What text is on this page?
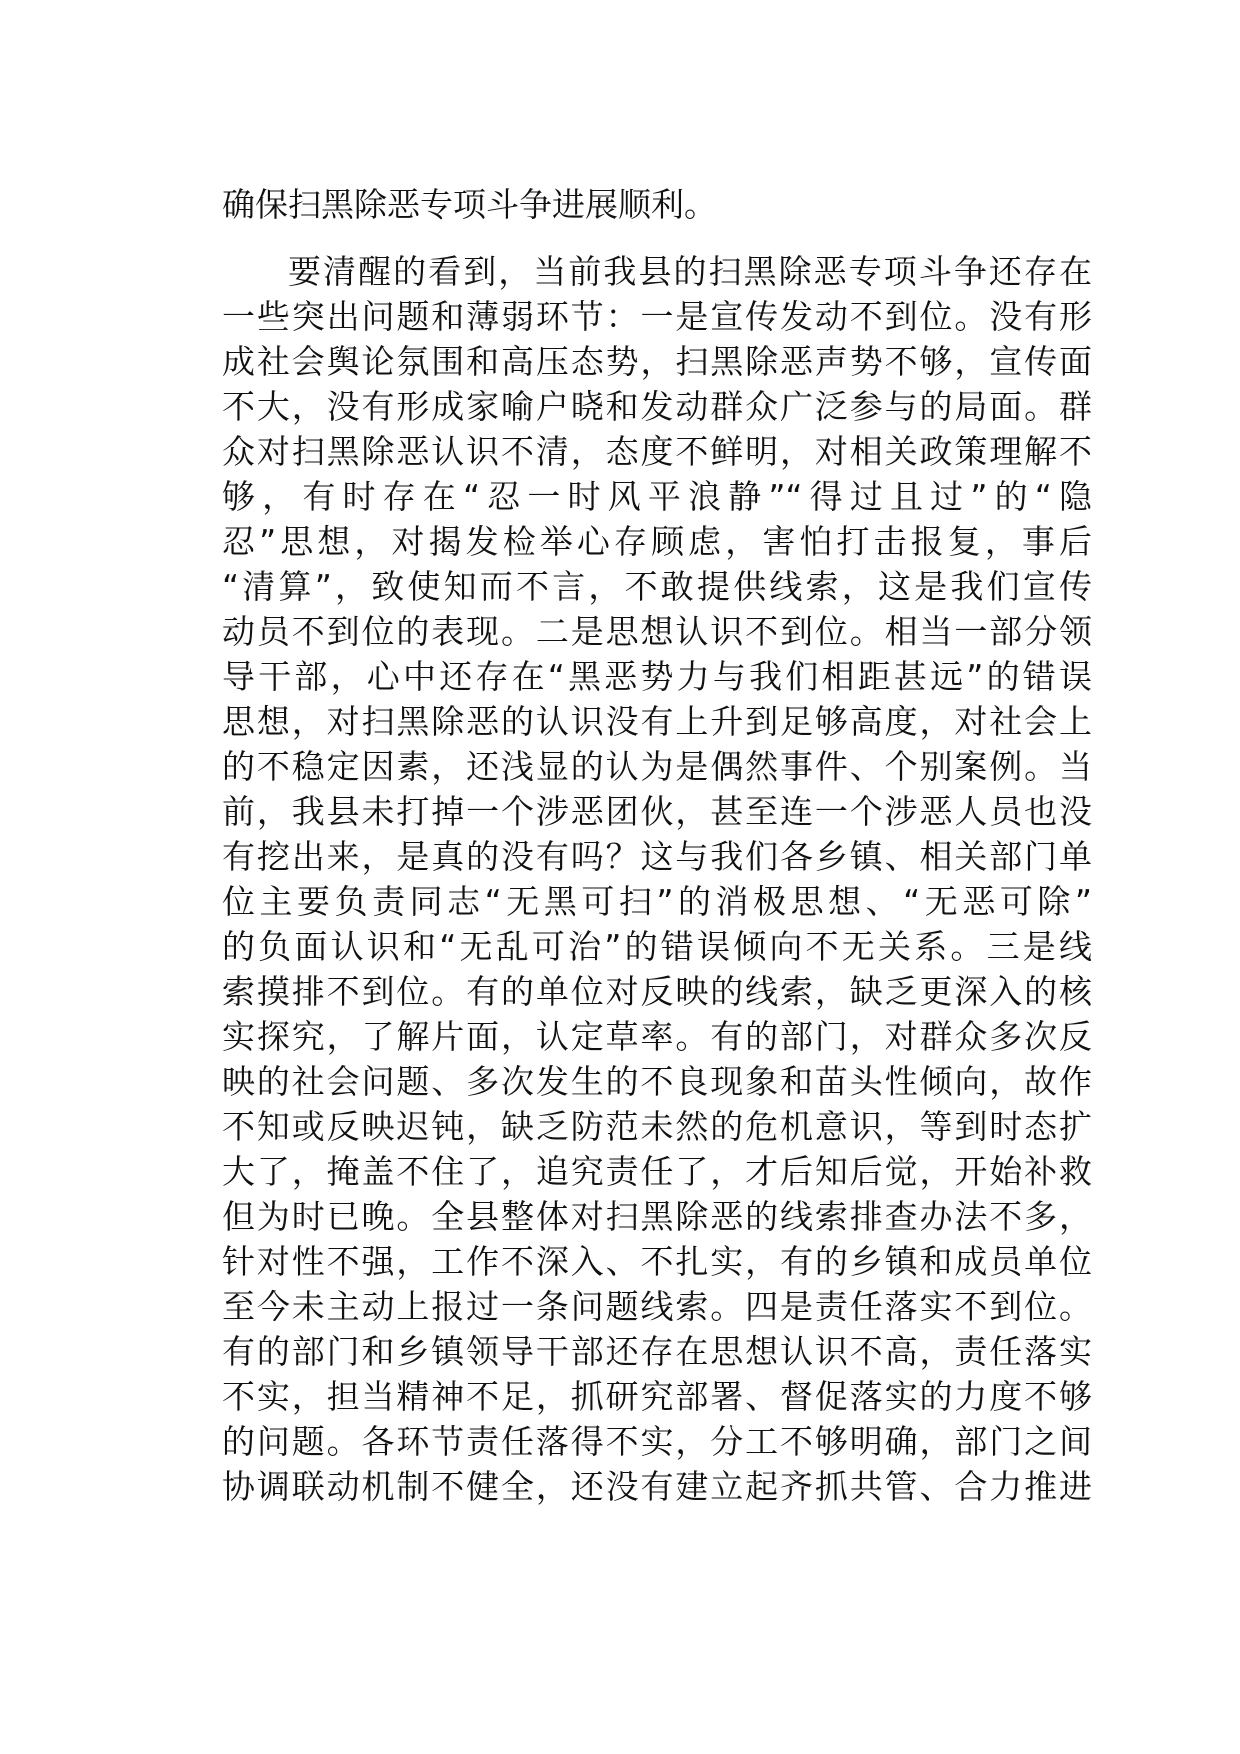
确保扫黑除恶专项斗争进展顺利。
要清醒的看到，当前我县的扫黑除恶专项斗争还存在
一些突出问题和薄弱环节：一是宣传发动不到位。没有形
成社会舆论氛围和高压态势，扫黑除恶声势不够，宣传面
不大，没有形成家喻户晓和发动群众广泛参与的局面。群
众对扫黑除恶认识不清，态度不鲜明，对相关政策理解不
够，有时存在“忍一时风平浪静”“得过且过”的“隐
忍”思想，对揭发检举心存顾虑，害怕打击报复，事后
“清算”，致使知而不言，不敢提供线索，这是我们宣传
动员不到位的表现。二是思想认识不到位。相当一部分领
导干部，心中还存在“黑恶势力与我们相距甚远”的错误
思想，对扫黑除恶的认识没有上升到足够高度，对社会上
的不稳定因素，还浅显的认为是偶然事件、个别案例。当
前，我县未打掉一个涉恶团伙，甚至连一个涉恶人员也没
有挖出来，是真的没有吗？这与我们各乡镇、相关部门单
位主要负责同志“无黑可扫”的消极思想、“无恶可除”
的负面认识和“无乱可治”的错误倾向不无关系。三是线
索摸排不到位。有的单位对反映的线索，缺乏更深入的核
实探究，了解片面，认定草率。有的部门，对群众多次反
映的社会问题、多次发生的不良现象和苗头性倾向，故作
不知或反映迟钝，缺乏防范未然的危机意识，等到时态扩
大了，掩盖不住了，追究责任了，才后知后觉，开始补救
但为时已晚。全县整体对扫黑除恶的线索排查办法不多，
针对性不强，工作不深入、不扎实，有的乡镇和成员单位
至今未主动上报过一条问题线索。四是责任落实不到位。
有的部门和乡镇领导干部还存在思想认识不高，责任落实
不实，担当精神不足，抓研究部署、督促落实的力度不够
的问题。各环节责任落得不实，分工不够明确，部门之间
协调联动机制不健全，还没有建立起齐抓共管、合力推进
